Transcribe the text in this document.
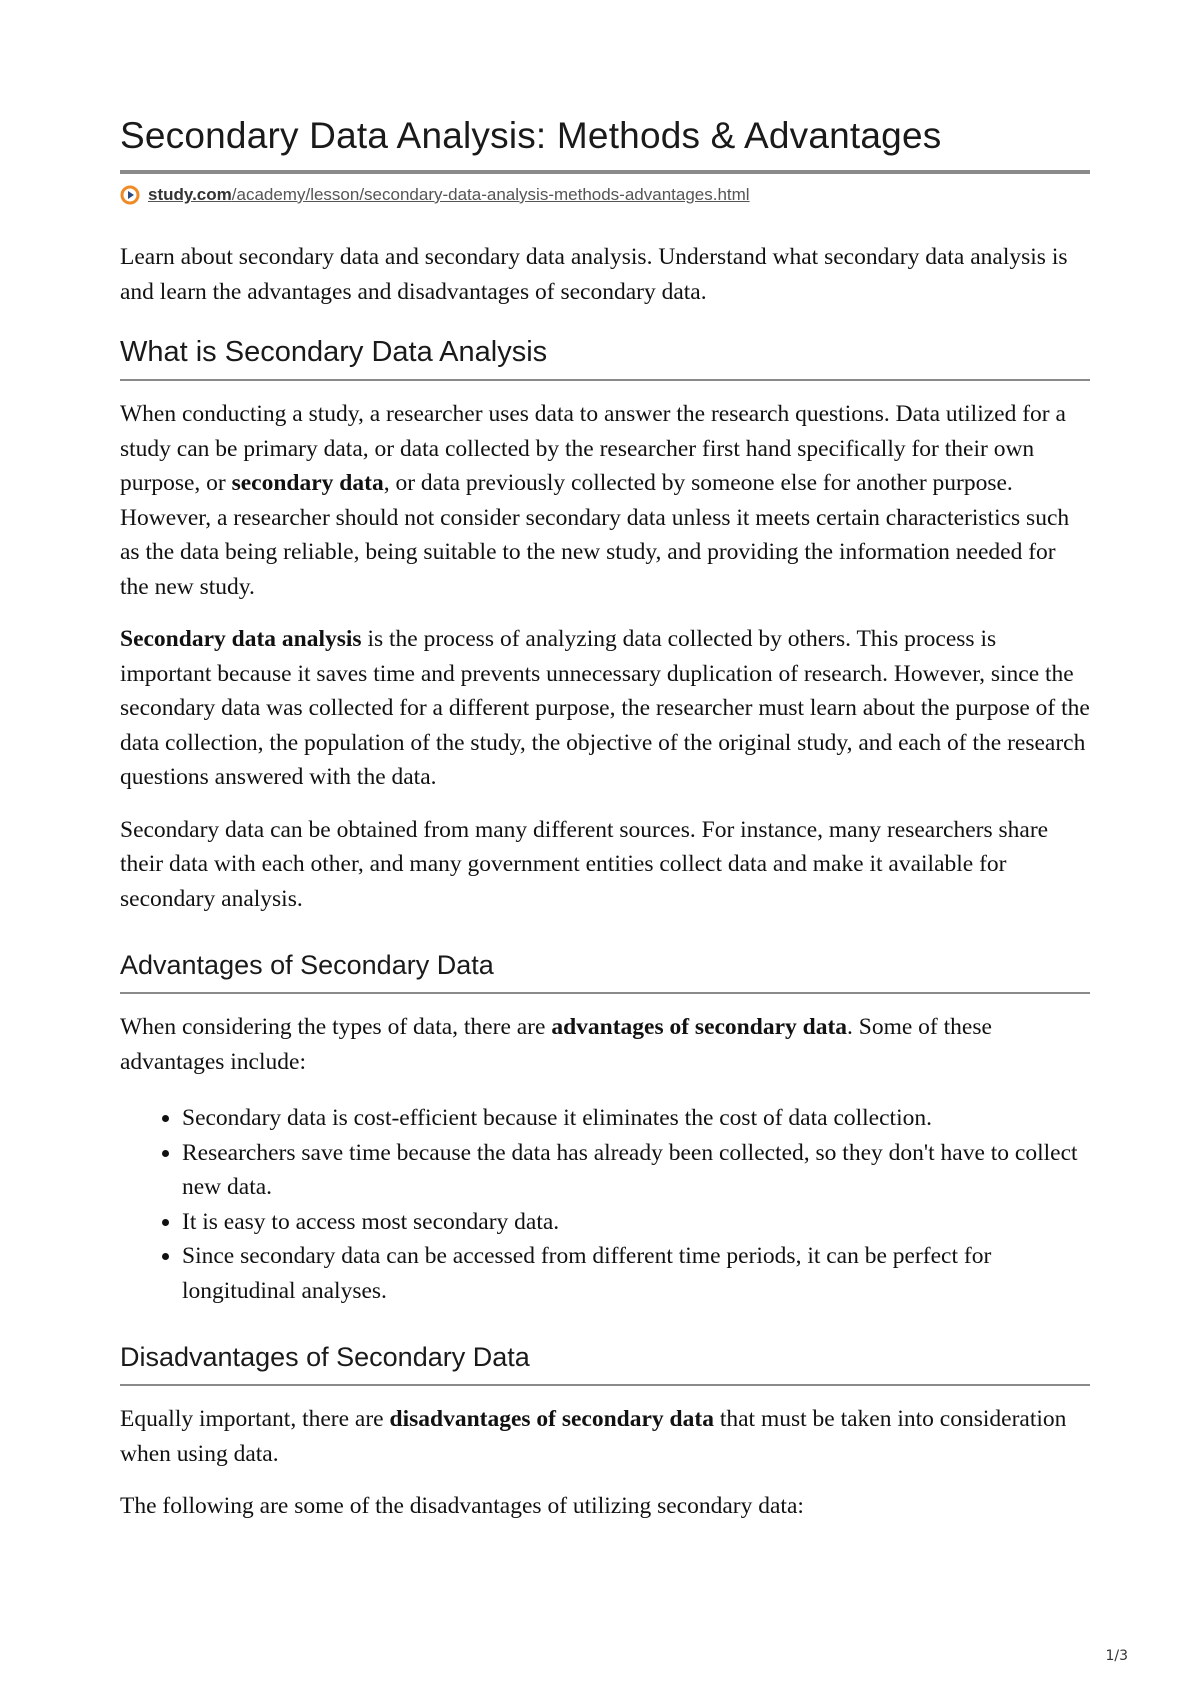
Secondary Data Analysis: Methods & Advantages
study.com/academy/lesson/secondary-data-analysis-methods-advantages.html

Learn about secondary data and secondary data analysis. Understand what secondary data analysis is and learn the advantages and disadvantages of secondary data.

What is Secondary Data Analysis

When conducting a study, a researcher uses data to answer the research questions. Data utilized for a study can be primary data, or data collected by the researcher first hand specifically for their own purpose, or secondary data, or data previously collected by someone else for another purpose. However, a researcher should not consider secondary data unless it meets certain characteristics such as the data being reliable, being suitable to the new study, and providing the information needed for the new study.

Secondary data analysis is the process of analyzing data collected by others. This process is important because it saves time and prevents unnecessary duplication of research. However, since the secondary data was collected for a different purpose, the researcher must learn about the purpose of the data collection, the population of the study, the objective of the original study, and each of the research questions answered with the data.

Secondary data can be obtained from many different sources. For instance, many researchers share their data with each other, and many government entities collect data and make it available for secondary analysis.

Advantages of Secondary Data

When considering the types of data, there are advantages of secondary data. Some of these advantages include:

• Secondary data is cost-efficient because it eliminates the cost of data collection.
• Researchers save time because the data has already been collected, so they don't have to collect new data.
• It is easy to access most secondary data.
• Since secondary data can be accessed from different time periods, it can be perfect for longitudinal analyses.
Disadvantages of Secondary Data

Equally important, there are disadvantages of secondary data that must be taken into consideration when using data.

The following are some of the disadvantages of utilizing secondary data:

1/3
